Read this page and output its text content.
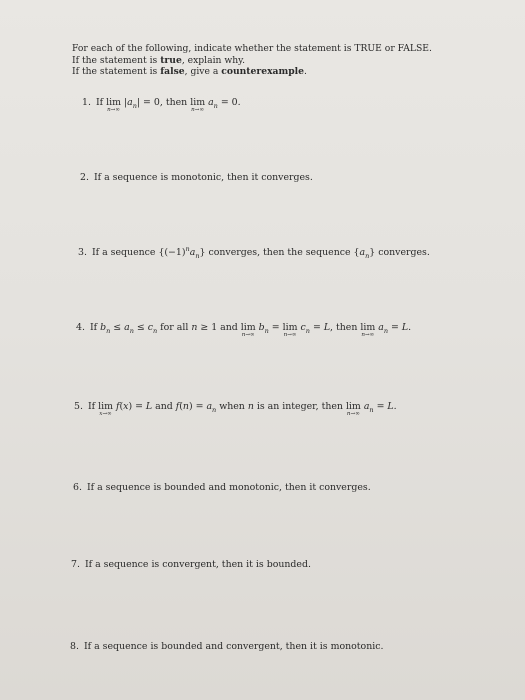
For each of the following, indicate whether the statement is TRUE or FALSE.
If the statement is true, explain why.
If the statement is false, give a counterexample.
1. If lim
n→∞
$|a_n| = 0$, then lim
n→∞
$a_n = 0$.
2. If a sequence is monotonic, then it converges.
3. If a sequence $\{(-1)^na_n\}$ converges, then the sequence $\{a_n\}$ converges.
4. If $b_n \le a_n \le c_n$ for all n ≥ 1 and lim
n→∞
$b_n = \lim$
n→∞
$c_n = L$, then lim
n→∞
$a_n = L$.
5. If lim
x→∞
f(x) = L and $f(n) = a_n$ when n is an integer, then lim
n→∞
$a_n = L$.
6. If a sequence is bounded and monotonic, then it converges.
7. If a sequence is convergent, then it is bounded.
8. If a sequence is bounded and convergent, then it is monotonic.
